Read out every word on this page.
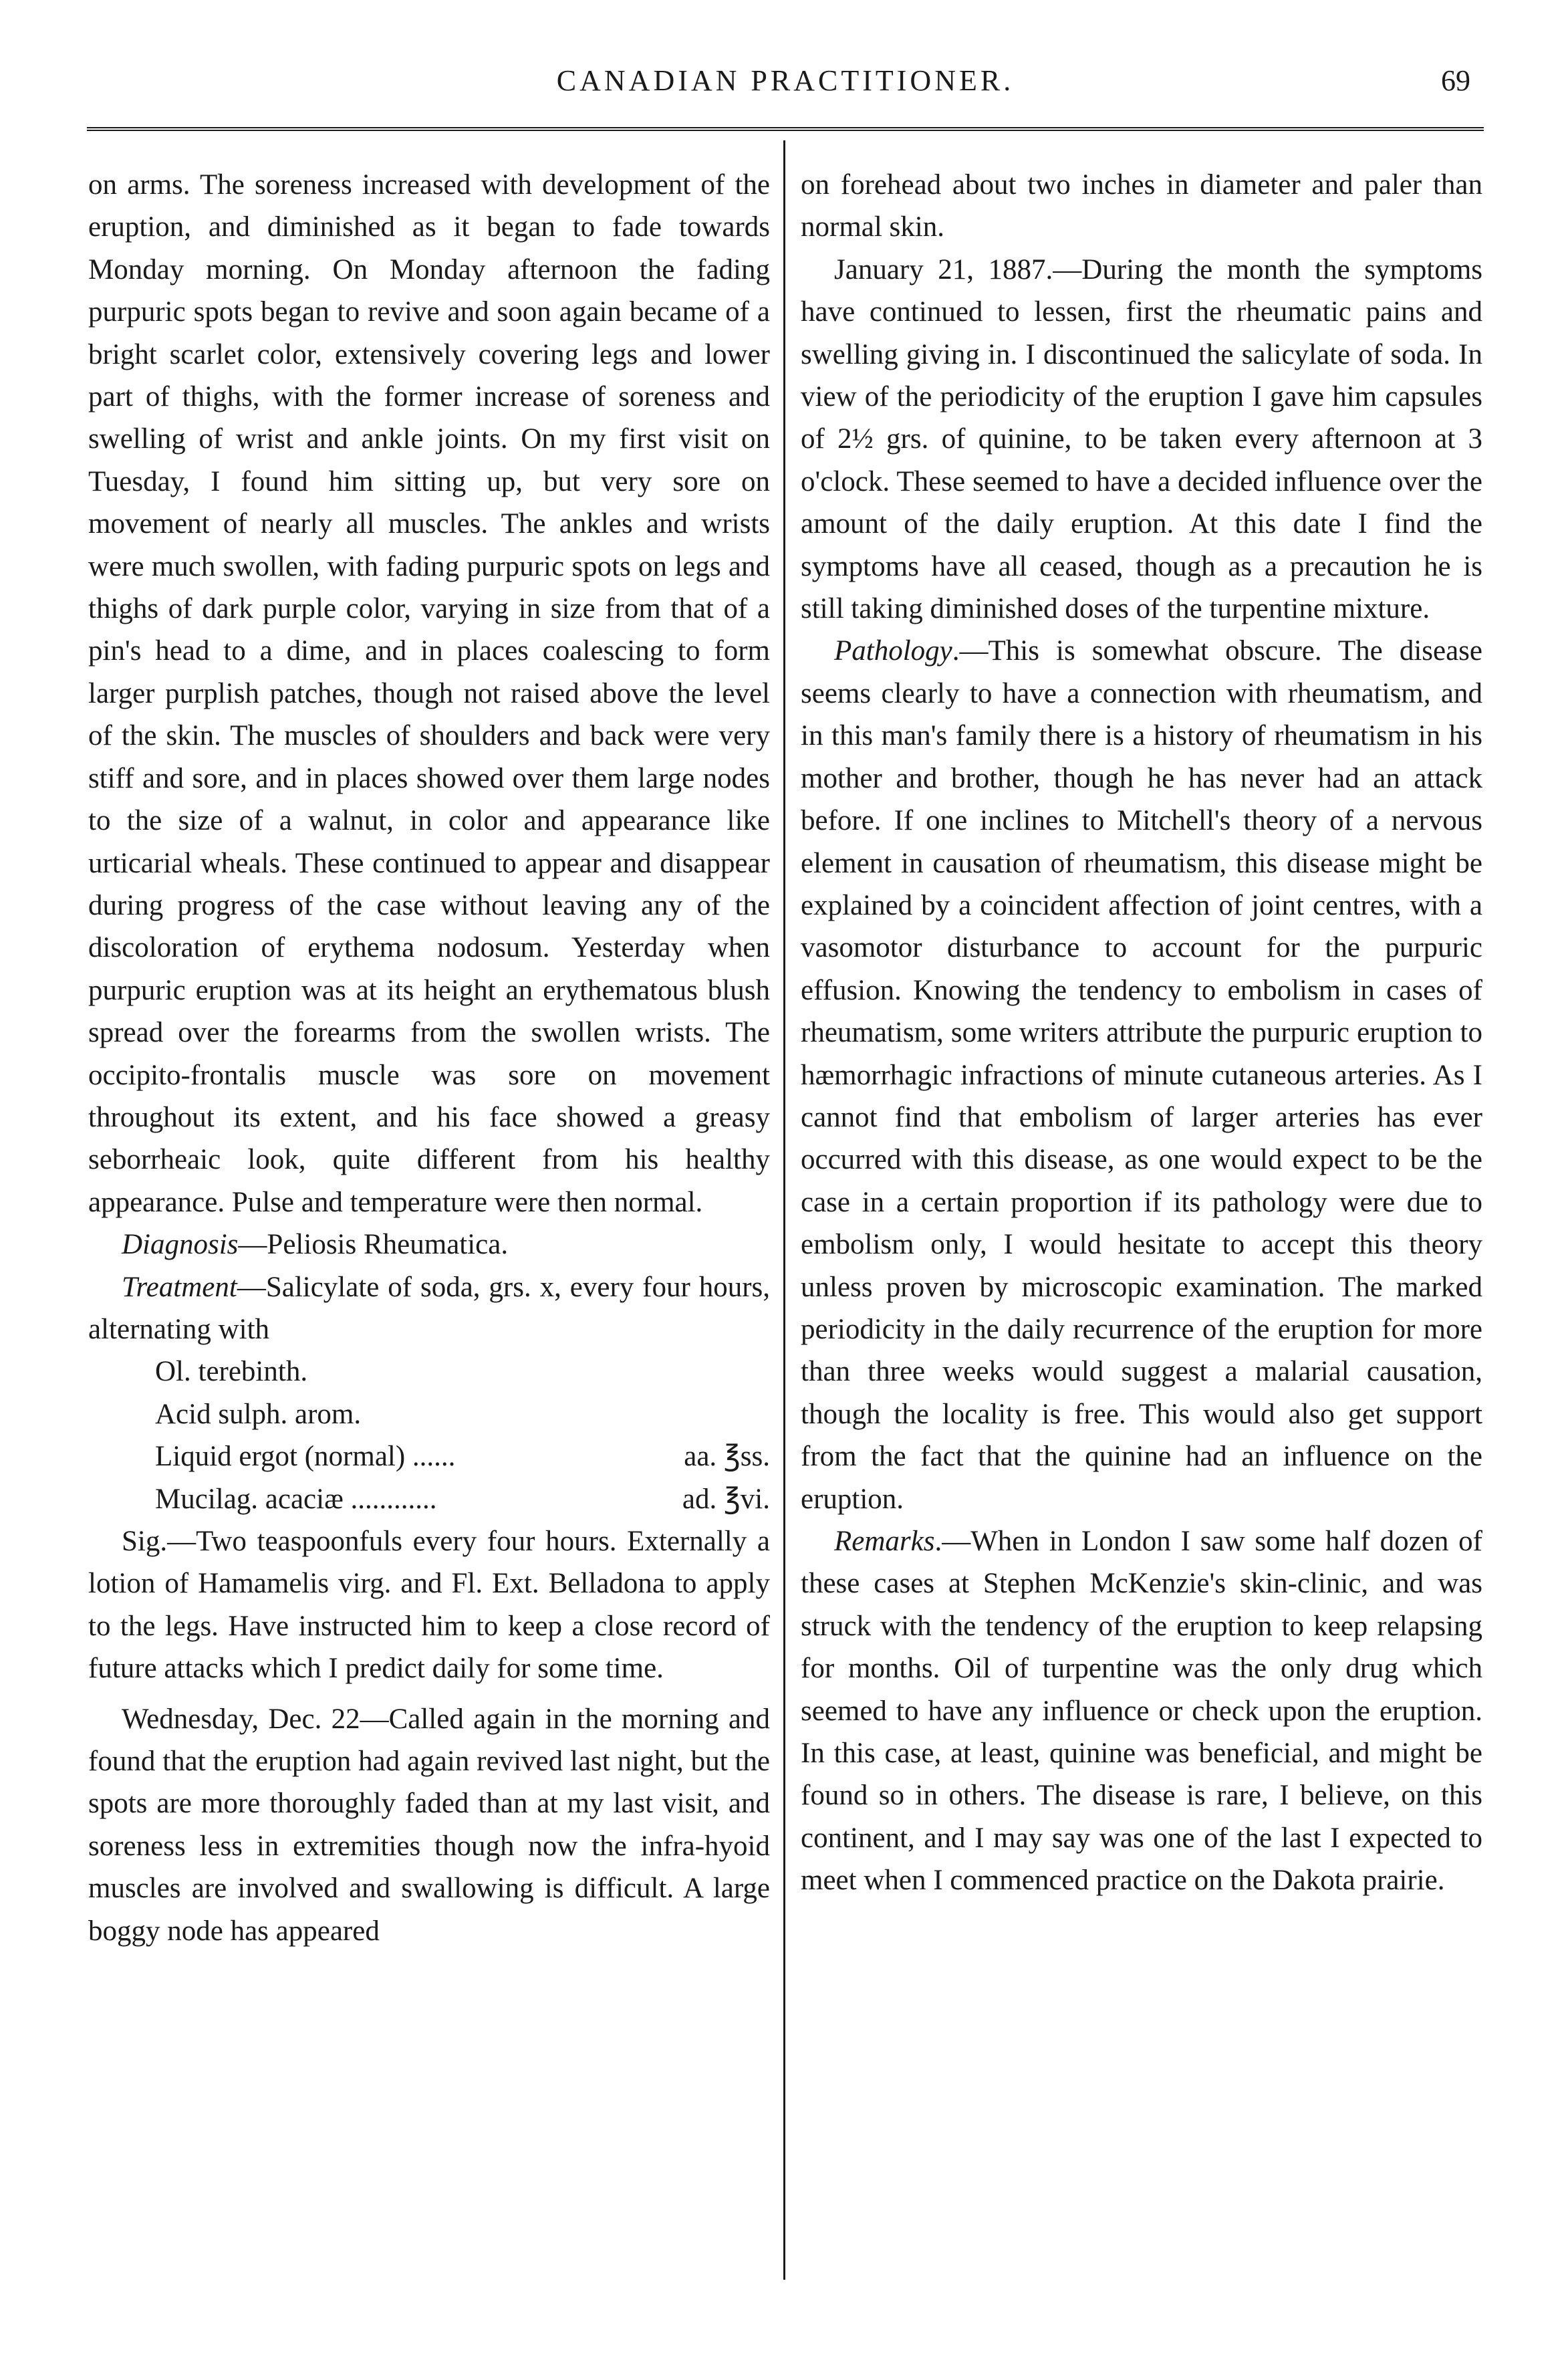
CANADIAN PRACTITIONER.	69

on arms. The soreness increased with development of the eruption, and diminished as it began to fade towards Monday morning. On Monday afternoon the fading purpuric spots began to revive and soon again became of a bright scarlet color, extensively covering legs and lower part of thighs, with the former increase of soreness and swelling of wrist and ankle joints. On my first visit on Tuesday, I found him sitting up, but very sore on movement of nearly all muscles. The ankles and wrists were much swollen, with fading purpuric spots on legs and thighs of dark purple color, varying in size from that of a pin's head to a dime, and in places coalescing to form larger purplish patches, though not raised above the level of the skin. The muscles of shoulders and back were very stiff and sore, and in places showed over them large nodes to the size of a walnut, in color and appearance like urticarial wheals. These continued to appear and disappear during progress of the case without leaving any of the discoloration of erythema nodosum. Yesterday when purpuric eruption was at its height an erythematous blush spread over the forearms from the swollen wrists. The occipito-frontalis muscle was sore on movement throughout its extent, and his face showed a greasy seborrheaic look, quite different from his healthy appearance. Pulse and temperature were then normal.

Diagnosis—Peliosis Rheumatica.

Treatment—Salicylate of soda, grs. x, every four hours, alternating with

Ol. terebinth.
Acid sulph. arom.
Liquid ergot (normal) ......	aa. ℥ss.
Mucilag. acaciæ ............	ad. ℥vi.

Sig.—Two teaspoonfuls every four hours. Externally a lotion of Hamamelis virg. and Fl. Ext. Belladona to apply to the legs. Have instructed him to keep a close record of future attacks which I predict daily for some time.

Wednesday, Dec. 22—Called again in the morning and found that the eruption had again revived last night, but the spots are more thoroughly faded than at my last visit, and soreness less in extremities though now the infra-hyoid muscles are involved and swallowing is difficult. A large boggy node has appeared

on forehead about two inches in diameter and paler than normal skin.

January 21, 1887.—During the month the symptoms have continued to lessen, first the rheumatic pains and swelling giving in. I discontinued the salicylate of soda. In view of the periodicity of the eruption I gave him capsules of 2½ grs. of quinine, to be taken every afternoon at 3 o'clock. These seemed to have a decided influence over the amount of the daily eruption. At this date I find the symptoms have all ceased, though as a precaution he is still taking diminished doses of the turpentine mixture.

Pathology.—This is somewhat obscure. The disease seems clearly to have a connection with rheumatism, and in this man's family there is a history of rheumatism in his mother and brother, though he has never had an attack before. If one inclines to Mitchell's theory of a nervous element in causation of rheumatism, this disease might be explained by a coincident affection of joint centres, with a vasomotor disturbance to account for the purpuric effusion. Knowing the tendency to embolism in cases of rheumatism, some writers attribute the purpuric eruption to hæmorrhagic infractions of minute cutaneous arteries. As I cannot find that embolism of larger arteries has ever occurred with this disease, as one would expect to be the case in a certain proportion if its pathology were due to embolism only, I would hesitate to accept this theory unless proven by microscopic examination. The marked periodicity in the daily recurrence of the eruption for more than three weeks would suggest a malarial causation, though the locality is free. This would also get support from the fact that the quinine had an influence on the eruption.

Remarks.—When in London I saw some half dozen of these cases at Stephen McKenzie's skin-clinic, and was struck with the tendency of the eruption to keep relapsing for months. Oil of turpentine was the only drug which seemed to have any influence or check upon the eruption. In this case, at least, quinine was beneficial, and might be found so in others. The disease is rare, I believe, on this continent, and I may say was one of the last I expected to meet when I commenced practice on the Dakota prairie.
